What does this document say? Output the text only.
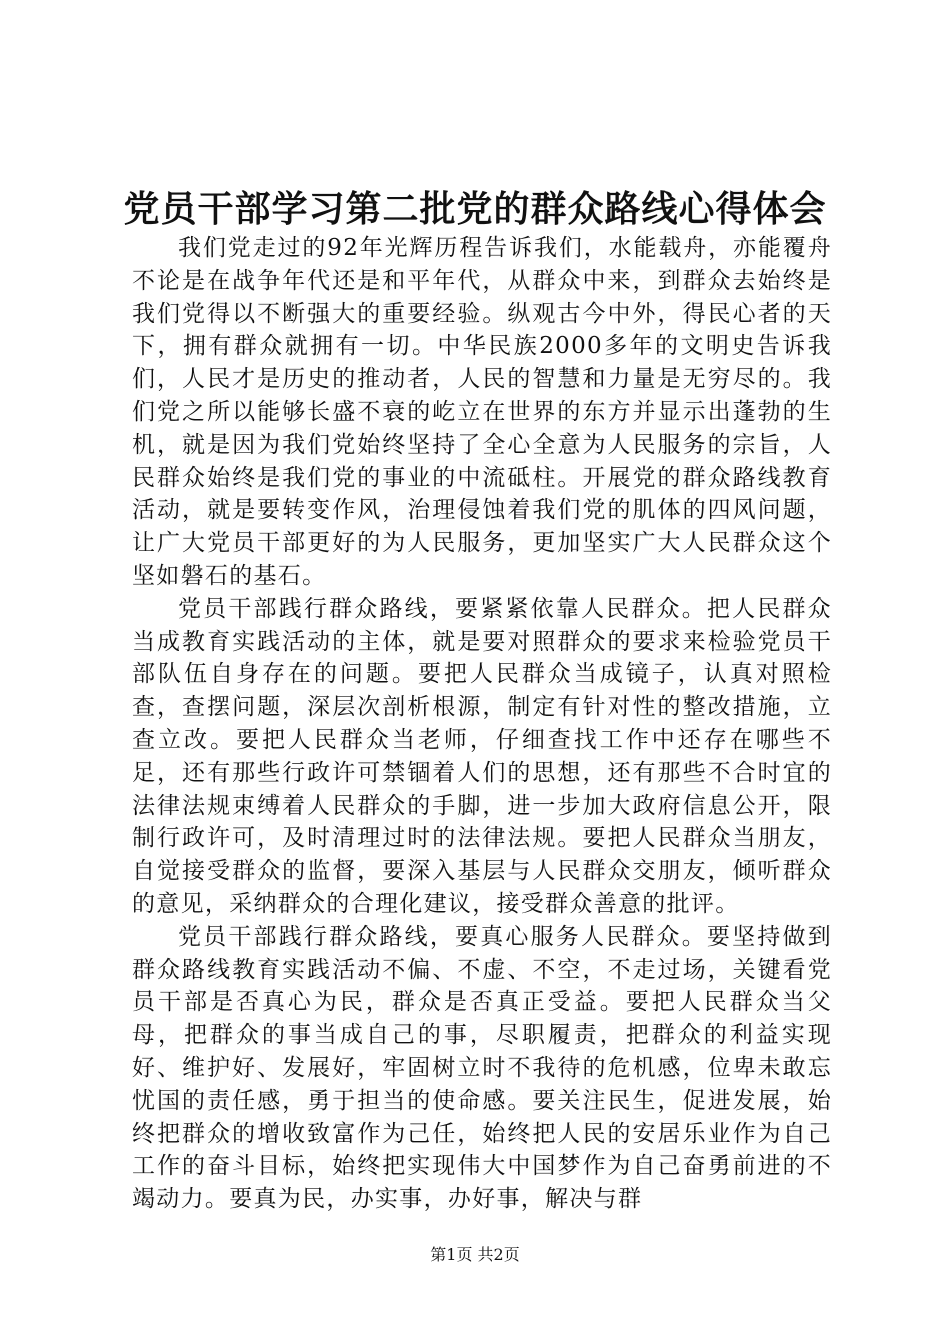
党员干部学习第二批党的群众路线心得体会

我们党走过的92年光辉历程告诉我们，水能载舟，亦能覆舟不论是在战争年代还是和平年代，从群众中来，到群众去始终是我们党得以不断强大的重要经验。纵观古今中外，得民心者的天下，拥有群众就拥有一切。中华民族2000多年的文明史告诉我们，人民才是历史的推动者，人民的智慧和力量是无穷尽的。我们党之所以能够长盛不衰的屹立在世界的东方并显示出蓬勃的生机，就是因为我们党始终坚持了全心全意为人民服务的宗旨，人民群众始终是我们党的事业的中流砥柱。开展党的群众路线教育活动，就是要转变作风，治理侵蚀着我们党的肌体的四风问题，让广大党员干部更好的为人民服务，更加坚实广大人民群众这个坚如磐石的基石。

党员干部践行群众路线，要紧紧依靠人民群众。把人民群众当成教育实践活动的主体，就是要对照群众的要求来检验党员干部队伍自身存在的问题。要把人民群众当成镜子，认真对照检查，查摆问题，深层次剖析根源，制定有针对性的整改措施，立查立改。要把人民群众当老师，仔细查找工作中还存在哪些不足，还有那些行政许可禁锢着人们的思想，还有那些不合时宜的法律法规束缚着人民群众的手脚，进一步加大政府信息公开，限制行政许可，及时清理过时的法律法规。要把人民群众当朋友，自觉接受群众的监督，要深入基层与人民群众交朋友，倾听群众的意见，采纳群众的合理化建议，接受群众善意的批评。

党员干部践行群众路线，要真心服务人民群众。要坚持做到群众路线教育实践活动不偏、不虚、不空，不走过场，关键看党员干部是否真心为民，群众是否真正受益。要把人民群众当父母，把群众的事当成自己的事，尽职履责，把群众的利益实现好、维护好、发展好，牢固树立时不我待的危机感，位卑未敢忘忧国的责任感，勇于担当的使命感。要关注民生，促进发展，始终把群众的增收致富作为己任，始终把人民的安居乐业作为自己工作的奋斗目标，始终把实现伟大中国梦作为自己奋勇前进的不竭动力。要真为民，办实事，办好事，解决与群

第1页 共2页
